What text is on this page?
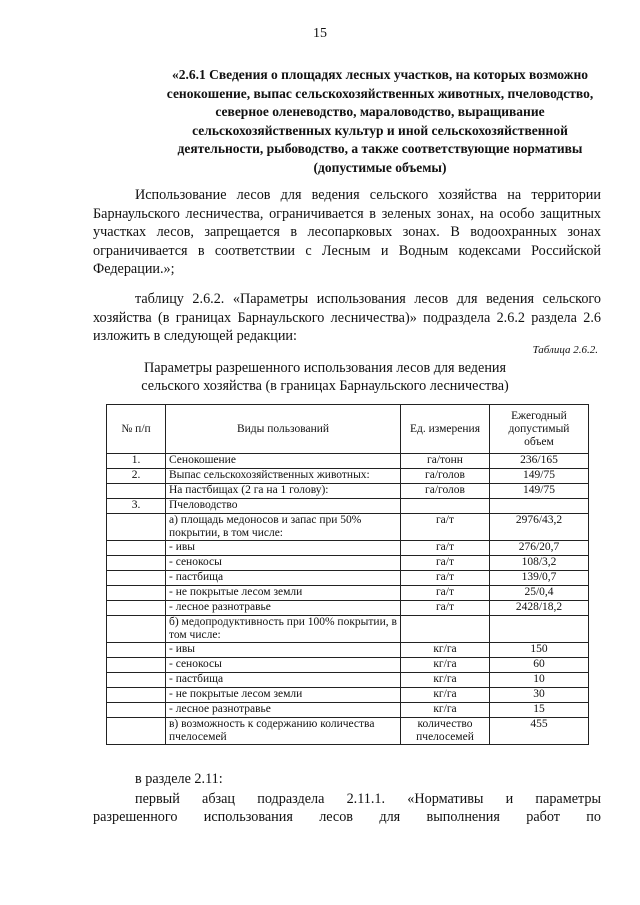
15
«2.6.1 Сведения о площадях лесных участков, на которых возможно сенокошение, выпас сельскохозяйственных животных, пчеловодство, северное оленеводство, мараловодство, выращивание сельскохозяйственных культур и иной сельскохозяйственной деятельности, рыбоводство, а также соответствующие нормативы (допустимые объемы)
Использование лесов для ведения сельского хозяйства на территории Барнаульского лесничества, ограничивается в зеленых зонах, на особо защитных участках лесов, запрещается в лесопарковых зонах. В водоохранных зонах ограничивается в соответствии с Лесным и Водным кодексами Российской Федерации.»;
таблицу 2.6.2. «Параметры использования лесов для ведения сельского хозяйства (в границах Барнаульского лесничества)» подраздела 2.6.2 раздела 2.6 изложить в следующей редакции:
Таблица 2.6.2.
Параметры разрешенного использования лесов для ведения сельского хозяйства (в границах Барнаульского лесничества)
№ п/п	Виды пользований	Ед. измерения	Ежегодный допустимый объем
1.	Сенокошение	га/тонн	236/165
2.	Выпас сельскохозяйственных животных:	га/голов	149/75
	На пастбищах (2 га на 1 голову):	га/голов	149/75
3.	Пчеловодство		
	а) площадь медоносов и запас при 50% покрытии, в том числе:	га/т	2976/43,2
	- ивы	га/т	276/20,7
	- сенокосы	га/т	108/3,2
	- пастбища	га/т	139/0,7
	- не покрытые лесом земли	га/т	25/0,4
	- лесное разнотравье	га/т	2428/18,2
	б) медопродуктивность при 100% покрытии, в том числе:		
	- ивы	кг/га	150
	- сенокосы	кг/га	60
	- пастбища	кг/га	10
	- не покрытые лесом земли	кг/га	30
	- лесное разнотравье	кг/га	15
	в) возможность к содержанию количества пчелосемей	количество пчелосемей	455
в разделе 2.11:
первый абзац подраздела 2.11.1. «Нормативы и параметры
разрешенного использования лесов для выполнения работ по
